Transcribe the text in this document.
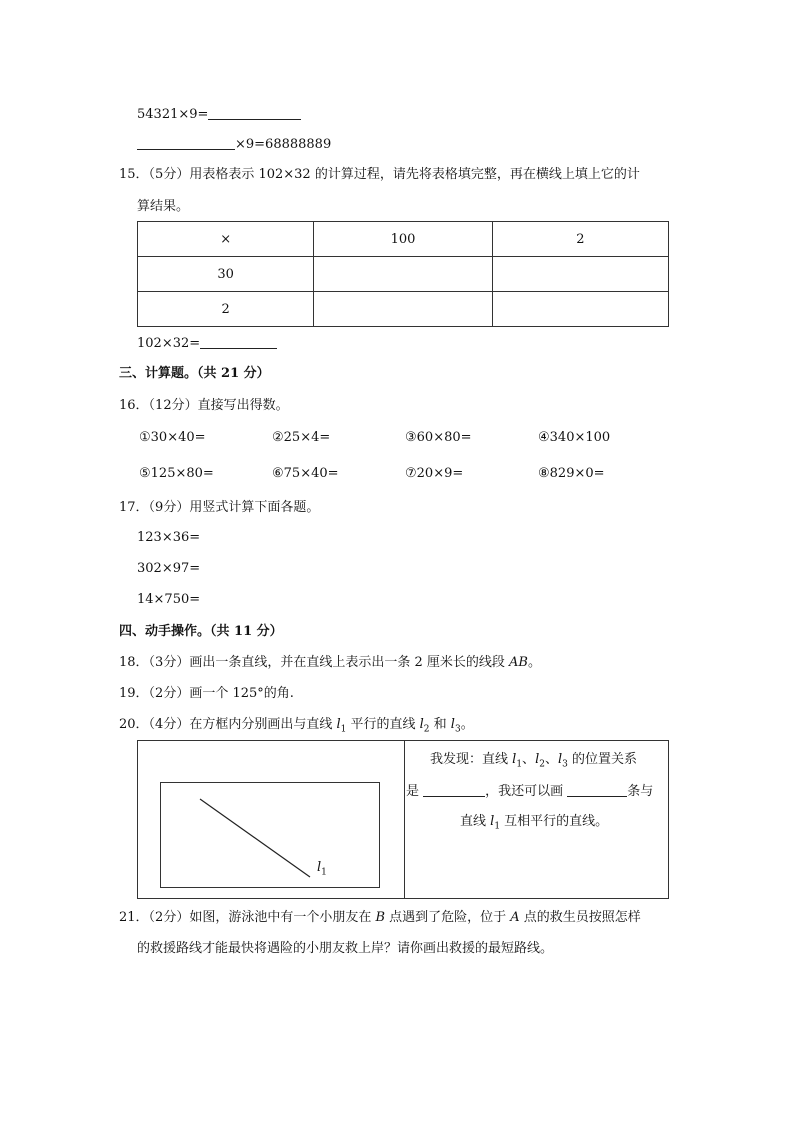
54321×9=
×9=68888889
15．（5分）用表格表示 102×32 的计算过程，请先将表格填完整，再在横线上填上它的计
算结果。
×	100	2
30		
2		
102×32=
三、计算题。（共 21 分）
16．（12分）直接写出得数。
①30×40=	②25×4=	③60×80=	④340×100
⑤125×80=	⑥75×40=	⑦20×9=	⑧829×0=
17．（9分）用竖式计算下面各题。
123×36=
302×97=
14×750=
四、动手操作。（共 11 分）
18．（3分）画出一条直线，并在直线上表示出一条 2 厘米长的线段 AB。
19．（2分）画一个 125°的角.
20．（4分）在方框内分别画出与直线 $l_1$ 平行的直线 $l_2$ 和 $l_3$。
$l_1$
我发现：直线 $l_1$、$l_2$、$l_3$ 的位置关系
是	，我还可以画	条与
直线 $l_1$ 互相平行的直线。
21．（2分）如图，游泳池中有一个小朋友在 B 点遇到了危险，位于 A 点的救生员按照怎样
的救援路线才能最快将遇险的小朋友救上岸？请你画出救援的最短路线。
